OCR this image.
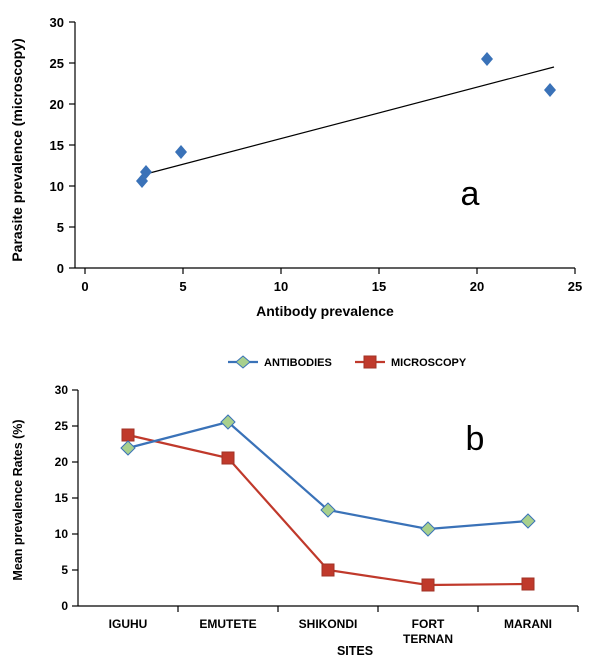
Parasite prevalence (microscopy)
30
25
20
15
10
5
0
0	5	10	15	20	25
Antibody prevalence
a
ANTIBODIES	MICROSCOPY
Mean prevalence Rates (%)
30
25
20
15
10
5
0
IGUHU	EMUTETE	SHIKONDI	FORT TERNAN
MARANI
SITES
b
